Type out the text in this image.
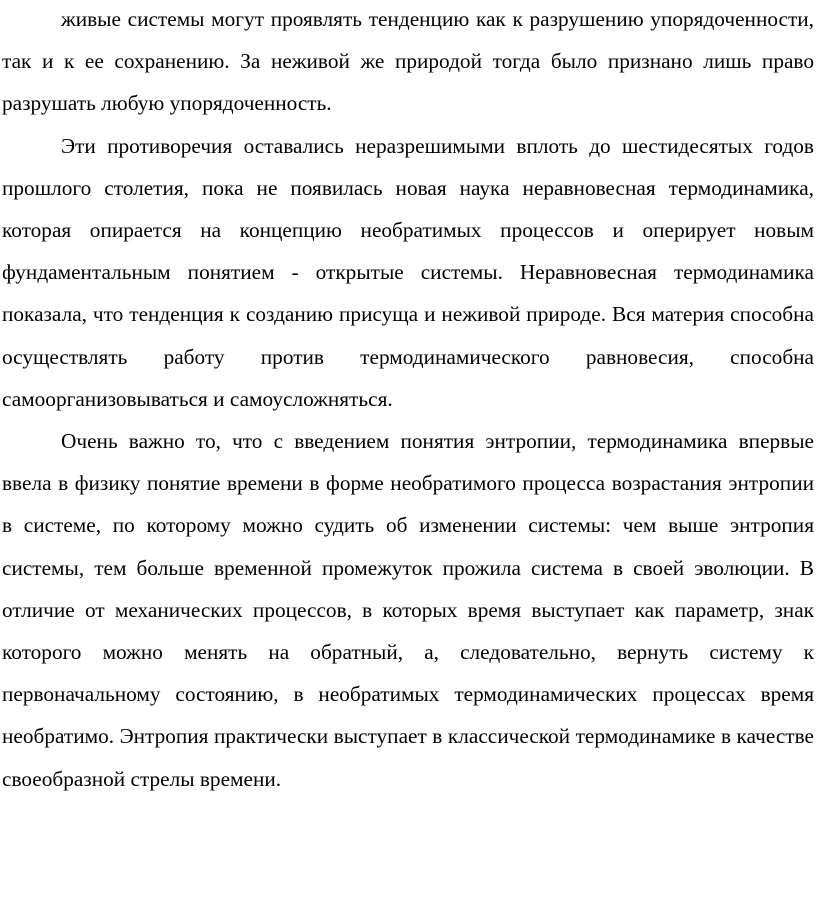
живые системы могут проявлять тенденцию как к разрушению упорядоченности, так и к ее сохранению. За неживой же природой тогда было признано лишь право разрушать любую упорядоченность.

Эти противоречия оставались неразрешимыми вплоть до шестидесятых годов прошлого столетия, пока не появилась новая наука неравновесная термодинамика, которая опирается на концепцию необратимых процессов и оперирует новым фундаментальным понятием - открытые системы. Неравновесная термодинамика показала, что тенденция к созданию присуща и неживой природе. Вся материя способна осуществлять работу против термодинамического равновесия, способна самоорганизовываться и самоусложняться.

Очень важно то, что с введением понятия энтропии, термодинамика впервые ввела в физику понятие времени в форме необратимого процесса возрастания энтропии в системе, по которому можно судить об изменении системы: чем выше энтропия системы, тем больше временной промежуток прожила система в своей эволюции. В отличие от механических процессов, в которых время выступает как параметр, знак которого можно менять на обратный, а, следовательно, вернуть систему к первоначальному состоянию, в необратимых термодинамических процессах время необратимо. Энтропия практически выступает в классической термодинамике в качестве своеобразной стрелы времени.
